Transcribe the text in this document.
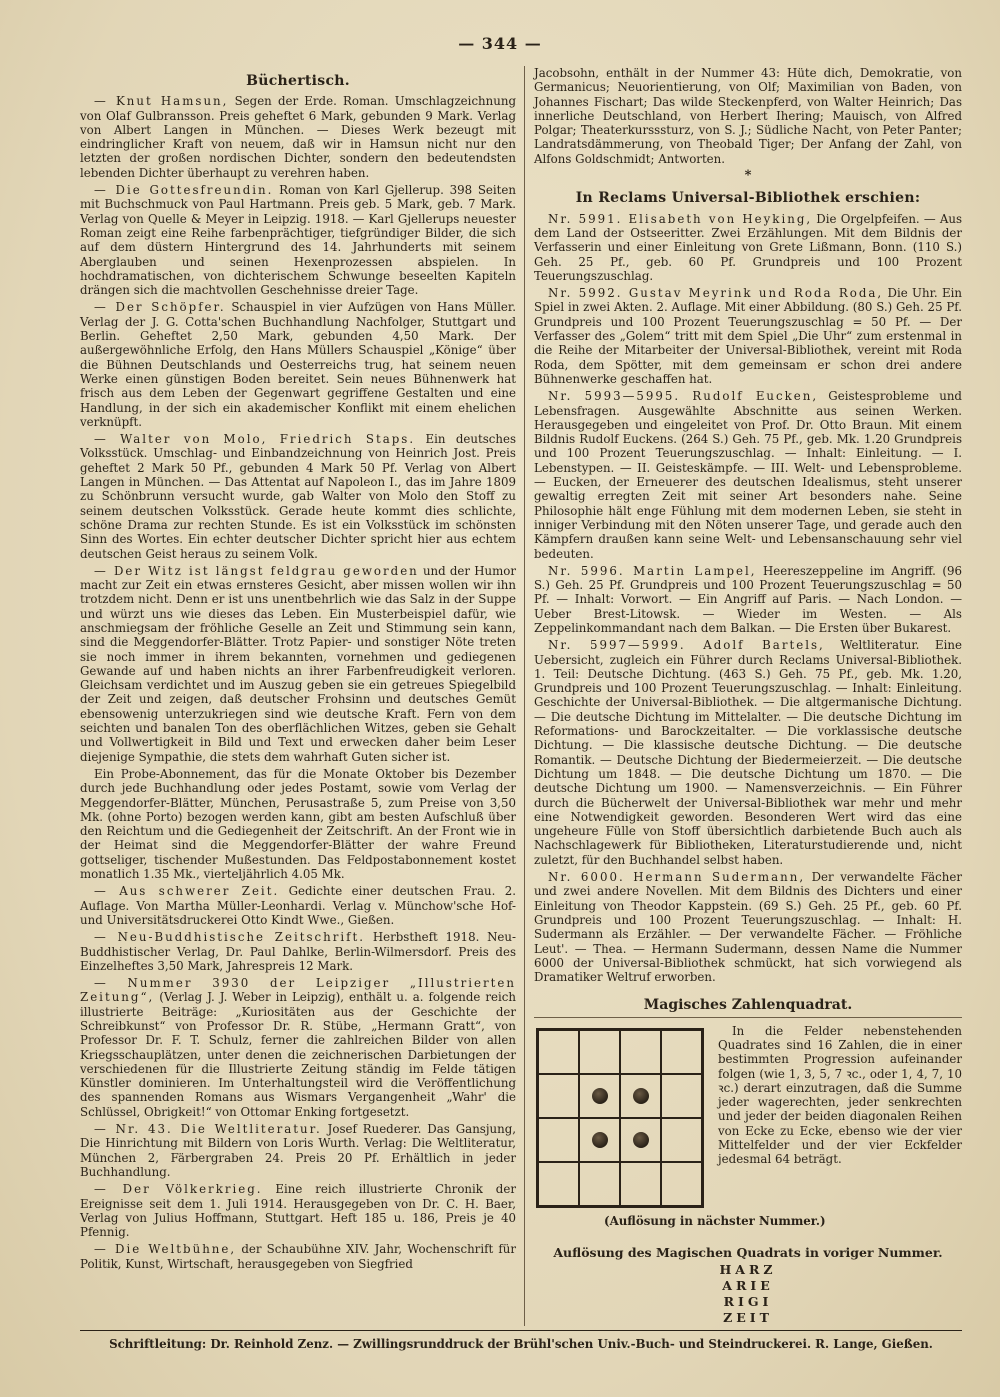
— 344 —
Büchertisch.

— Knut Hamsun, Segen der Erde. Roman. Umschlagzeichnung von Olaf Gulbransson. Preis geheftet 6 Mark, gebunden 9 Mark. Verlag von Albert Langen in München. — Dieses Werk bezeugt mit eindringlicher Kraft von neuem, daß wir in Hamsun nicht nur den letzten der großen nordischen Dichter, sondern den bedeutendsten lebenden Dichter überhaupt zu verehren haben.

— Die Gottesfreundin. Roman von Karl Gjellerup. 398 Seiten mit Buchschmuck von Paul Hartmann. Preis geb. 5 Mark, geb. 7 Mark. Verlag von Quelle & Meyer in Leipzig. 1918. — Karl Gjellerups neuester Roman zeigt eine Reihe farbenprächtiger, tiefgründiger Bilder, die sich auf dem düstern Hintergrund des 14. Jahrhunderts mit seinem Aberglauben und seinen Hexenprozessen abspielen. In hochdramatischen, von dichterischem Schwunge beseelten Kapiteln drängen sich die machtvollen Geschehnisse dreier Tage.

— Der Schöpfer. Schauspiel in vier Aufzügen von Hans Müller. Verlag der J. G. Cotta'schen Buchhandlung Nachfolger, Stuttgart und Berlin. Geheftet 2,50 Mark, gebunden 4,50 Mark. Der außergewöhnliche Erfolg, den Hans Müllers Schauspiel „Könige“ über die Bühnen Deutschlands und Oesterreichs trug, hat seinem neuen Werke einen günstigen Boden bereitet. Sein neues Bühnenwerk hat frisch aus dem Leben der Gegenwart gegriffene Gestalten und eine Handlung, in der sich ein akademischer Konflikt mit einem ehelichen verknüpft.

— Walter von Molo, Friedrich Staps. Ein deutsches Volksstück. Umschlag- und Einbandzeichnung von Heinrich Jost. Preis geheftet 2 Mark 50 Pf., gebunden 4 Mark 50 Pf. Verlag von Albert Langen in München. — Das Attentat auf Napoleon I., das im Jahre 1809 zu Schönbrunn versucht wurde, gab Walter von Molo den Stoff zu seinem deutschen Volksstück. Gerade heute kommt dies schlichte, schöne Drama zur rechten Stunde. Es ist ein Volksstück im schönsten Sinn des Wortes. Ein echter deutscher Dichter spricht hier aus echtem deutschen Geist heraus zu seinem Volk.

— Der Witz ist längst feldgrau geworden und der Humor macht zur Zeit ein etwas ernsteres Gesicht, aber missen wollen wir ihn trotzdem nicht. Denn er ist uns unentbehrlich wie das Salz in der Suppe und würzt uns wie dieses das Leben. Ein Musterbeispiel dafür, wie anschmiegsam der fröhliche Geselle an Zeit und Stimmung sein kann, sind die Meggendorfer-Blätter. Trotz Papier- und sonstiger Nöte treten sie noch immer in ihrem bekannten, vornehmen und gediegenen Gewande auf und haben nichts an ihrer Farbenfreudigkeit verloren. Gleichsam verdichtet und im Auszug geben sie ein getreues Spiegelbild der Zeit und zeigen, daß deutscher Frohsinn und deutsches Gemüt ebensowenig unterzukriegen sind wie deutsche Kraft. Fern von dem seichten und banalen Ton des oberflächlichen Witzes, geben sie Gehalt und Vollwertigkeit in Bild und Text und erwecken daher beim Leser diejenige Sympathie, die stets dem wahrhaft Guten sicher ist.

Ein Probe-Abonnement, das für die Monate Oktober bis Dezember durch jede Buchhandlung oder jedes Postamt, sowie vom Verlag der Meggendorfer-Blätter, München, Perusastraße 5, zum Preise von 3,50 Mk. (ohne Porto) bezogen werden kann, gibt am besten Aufschluß über den Reichtum und die Gediegenheit der Zeitschrift. An der Front wie in der Heimat sind die Meggendorfer-Blätter der wahre Freund gottseliger, tischender Mußestunden. Das Feldpostabonnement kostet monatlich 1.35 Mk., vierteljährlich 4.05 Mk.

— Aus schwerer Zeit. Gedichte einer deutschen Frau. 2. Auflage. Von Martha Müller-Leonhardi. Verlag v. Münchow'sche Hof- und Universitätsdruckerei Otto Kindt Wwe., Gießen.

— Neu-Buddhistische Zeitschrift. Herbstheft 1918. Neu-Buddhistischer Verlag, Dr. Paul Dahlke, Berlin-Wilmersdorf. Preis des Einzelheftes 3,50 Mark, Jahrespreis 12 Mark.

— Nummer 3930 der Leipziger „Illustrierten Zeitung“, (Verlag J. J. Weber in Leipzig), enthält u. a. folgende reich illustrierte Beiträge: „Kuriositäten aus der Geschichte der Schreibkunst“ von Professor Dr. R. Stübe, „Hermann Gratt“, von Professor Dr. F. T. Schulz, ferner die zahlreichen Bilder von allen Kriegsschauplätzen, unter denen die zeichnerischen Darbietungen der verschiedenen für die Illustrierte Zeitung ständig im Felde tätigen Künstler dominieren. Im Unterhaltungsteil wird die Veröffentlichung des spannenden Romans aus Wismars Vergangenheit „Wahr' die Schlüssel, Obrigkeit!“ von Ottomar Enking fortgesetzt.

— Nr. 43. Die Weltliteratur. Josef Ruederer. Das Gansjung, Die Hinrichtung mit Bildern von Loris Wurth. Verlag: Die Weltliteratur, München 2, Färbergraben 24. Preis 20 Pf. Erhältlich in jeder Buchhandlung.

— Der Völkerkrieg. Eine reich illustrierte Chronik der Ereignisse seit dem 1. Juli 1914. Herausgegeben von Dr. C. H. Baer, Verlag von Julius Hoffmann, Stuttgart. Heft 185 u. 186, Preis je 40 Pfennig.

— Die Weltbühne, der Schaubühne XIV. Jahr, Wochenschrift für Politik, Kunst, Wirtschaft, herausgegeben von Siegfried

Jacobsohn, enthält in der Nummer 43: Hüte dich, Demokratie, von Germanicus; Neuorientierung, von Olf; Maximilian von Baden, von Johannes Fischart; Das wilde Steckenpferd, von Walter Heinrich; Das innerliche Deutschland, von Herbert Ihering; Mauisch, von Alfred Polgar; Theaterkursssturz, von S. J.; Südliche Nacht, von Peter Panter; Landratsdämmerung, von Theobald Tiger; Der Anfang der Zahl, von Alfons Goldschmidt; Antworten.

*
In Reclams Universal-Bibliothek erschien:

Nr. 5991. Elisabeth von Heyking, Die Orgelpfeifen. — Aus dem Land der Ostseeritter. Zwei Erzählungen. Mit dem Bildnis der Verfasserin und einer Einleitung von Grete Lißmann, Bonn. (110 S.) Geh. 25 Pf., geb. 60 Pf. Grundpreis und 100 Prozent Teuerungszuschlag.

Nr. 5992. Gustav Meyrink und Roda Roda, Die Uhr. Ein Spiel in zwei Akten. 2. Auflage. Mit einer Abbildung. (80 S.) Geh. 25 Pf. Grundpreis und 100 Prozent Teuerungszuschlag = 50 Pf. — Der Verfasser des „Golem“ tritt mit dem Spiel „Die Uhr“ zum erstenmal in die Reihe der Mitarbeiter der Universal-Bibliothek, vereint mit Roda Roda, dem Spötter, mit dem gemeinsam er schon drei andere Bühnenwerke geschaffen hat.

Nr. 5993—5995. Rudolf Eucken, Geistesprobleme und Lebensfragen. Ausgewählte Abschnitte aus seinen Werken. Herausgegeben und eingeleitet von Prof. Dr. Otto Braun. Mit einem Bildnis Rudolf Euckens. (264 S.) Geh. 75 Pf., geb. Mk. 1.20 Grundpreis und 100 Prozent Teuerungszuschlag. — Inhalt: Einleitung. — I. Lebenstypen. — II. Geisteskämpfe. — III. Welt- und Lebensprobleme. — Eucken, der Erneuerer des deutschen Idealismus, steht unserer gewaltig erregten Zeit mit seiner Art besonders nahe. Seine Philosophie hält enge Fühlung mit dem modernen Leben, sie steht in inniger Verbindung mit den Nöten unserer Tage, und gerade auch den Kämpfern draußen kann seine Welt- und Lebensanschauung sehr viel bedeuten.

Nr. 5996. Martin Lampel, Heereszeppeline im Angriff. (96 S.) Geh. 25 Pf. Grundpreis und 100 Prozent Teuerungszuschlag = 50 Pf. — Inhalt: Vorwort. — Ein Angriff auf Paris. — Nach London. — Ueber Brest-Litowsk. — Wieder im Westen. — Als Zeppelinkommandant nach dem Balkan. — Die Ersten über Bukarest.

Nr. 5997—5999. Adolf Bartels, Weltliteratur. Eine Uebersicht, zugleich ein Führer durch Reclams Universal-Bibliothek. 1. Teil: Deutsche Dichtung. (463 S.) Geh. 75 Pf., geb. Mk. 1.20, Grundpreis und 100 Prozent Teuerungszuschlag. — Inhalt: Einleitung. Geschichte der Universal-Bibliothek. — Die altgermanische Dichtung. — Die deutsche Dichtung im Mittelalter. — Die deutsche Dichtung im Reformations- und Barockzeitalter. — Die vorklassische deutsche Dichtung. — Die klassische deutsche Dichtung. — Die deutsche Romantik. — Deutsche Dichtung der Biedermeierzeit. — Die deutsche Dichtung um 1848. — Die deutsche Dichtung um 1870. — Die deutsche Dichtung um 1900. — Namensverzeichnis. — Ein Führer durch die Bücherwelt der Universal-Bibliothek war mehr und mehr eine Notwendigkeit geworden. Besonderen Wert wird das eine ungeheure Fülle von Stoff übersichtlich darbietende Buch auch als Nachschlagewerk für Bibliotheken, Literaturstudierende und, nicht zuletzt, für den Buchhandel selbst haben.

Nr. 6000. Hermann Sudermann, Der verwandelte Fächer und zwei andere Novellen. Mit dem Bildnis des Dichters und einer Einleitung von Theodor Kappstein. (69 S.) Geh. 25 Pf., geb. 60 Pf. Grundpreis und 100 Prozent Teuerungszuschlag. — Inhalt: H. Sudermann als Erzähler. — Der verwandelte Fächer. — Fröhliche Leut'. — Thea. — Hermann Sudermann, dessen Name die Nummer 6000 der Universal-Bibliothek schmückt, hat sich vorwiegend als Dramatiker Weltruf erworben.

Magisches Zahlenquadrat.

In die Felder nebenstehenden Quadrates sind 16 Zahlen, die in einer bestimmten Progression aufeinander folgen (wie 1, 3, 5, 7 ꝛc., oder 1, 4, 7, 10 ꝛc.) derart einzutragen, daß die Summe jeder wagerechten, jeder senkrechten und jeder der beiden diagonalen Reihen von Ecke zu Ecke, ebenso wie der vier Mittelfelder und der vier Eckfelder jedesmal 64 beträgt.

(Auflösung in nächster Nummer.)
Auflösung des Magischen Quadrats in voriger Nummer.
HARZ
ARIE
RIGI
ZEIT
Schriftleitung: Dr. Reinhold Zenz. — Zwillingsrunddruck der Brühl'schen Univ.-Buch- und Steindruckerei. R. Lange, Gießen.
